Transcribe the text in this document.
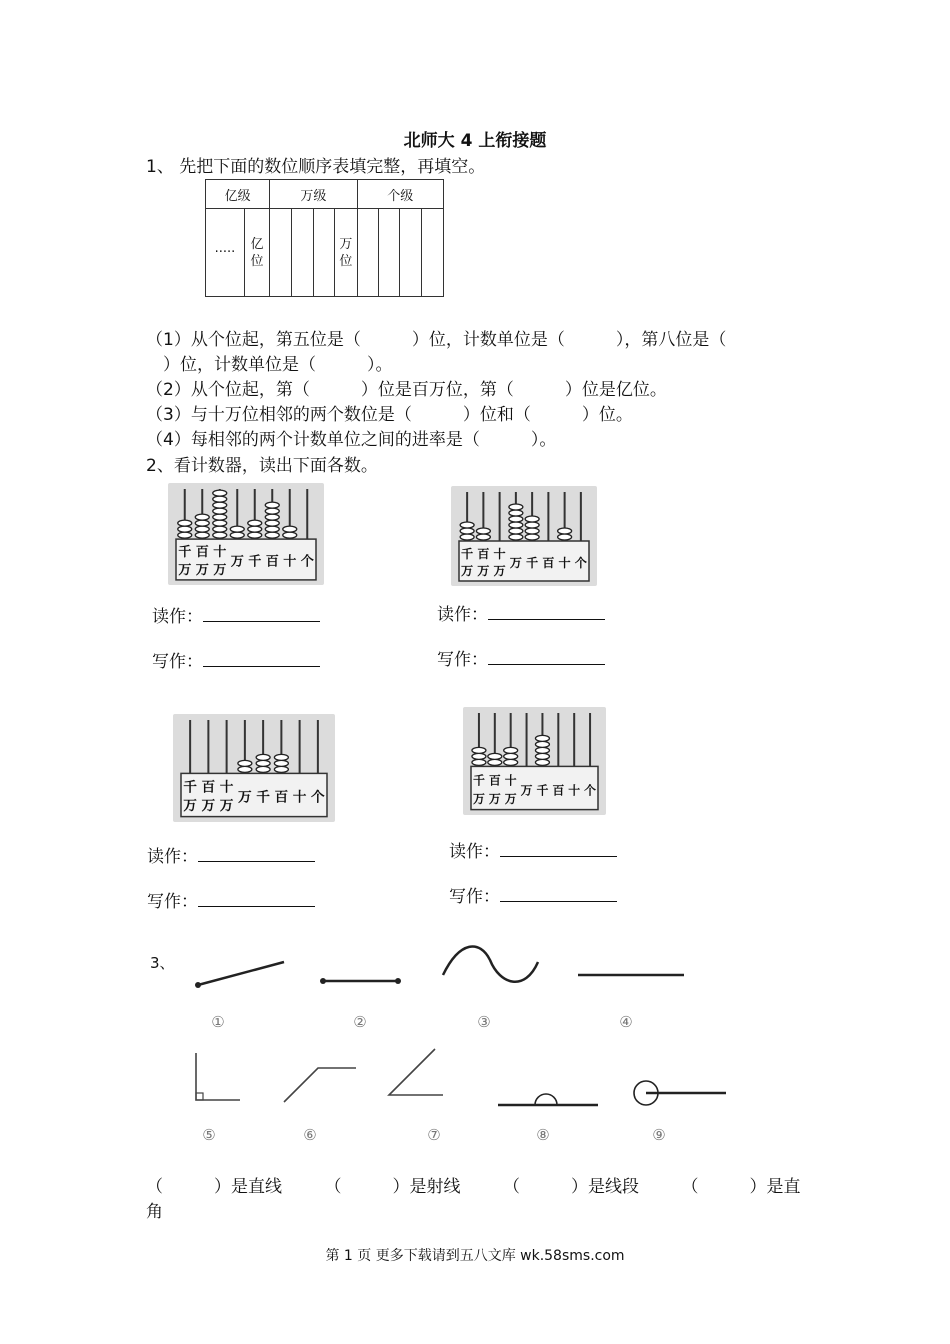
北师大 4 上衔接题
1、 先把下面的数位顺序表填完整，再填空。
亿级		万级				个级			
·····	亿位				万位				
（1）从个位起，第五位是（　　　）位，计数单位是（　　　），第八位是（
　）位，计数单位是（　　　）。
（2）从个位起，第（　　　）位是百万位，第（　　　）位是亿位。
（3）与十万位相邻的两个数位是（　　　）位和（　　　）位。
（4）每相邻的两个计数单位之间的进率是（　　　）。
2、看计数器，读出下面各数。
千
万
百
万
十
万
万 千 百 十 个
读作：
写作：
千
万
百
万
十
万
万 千 百 十 个
读作：
写作：
千
万
百
万
十
万
万 千 百 十 个
读作：
写作：
千
万
百
万
十
万
万 千 百 十 个
读作：
写作：
3、
①	②	③	④
⑤	⑥	⑦	⑧	⑨
（　　　）是直线　　　（　　　）是射线　　　（　　　）是线段　　　（　　　）是直
角
第 1 页 更多下载请到五八文库 wk.58sms.com
